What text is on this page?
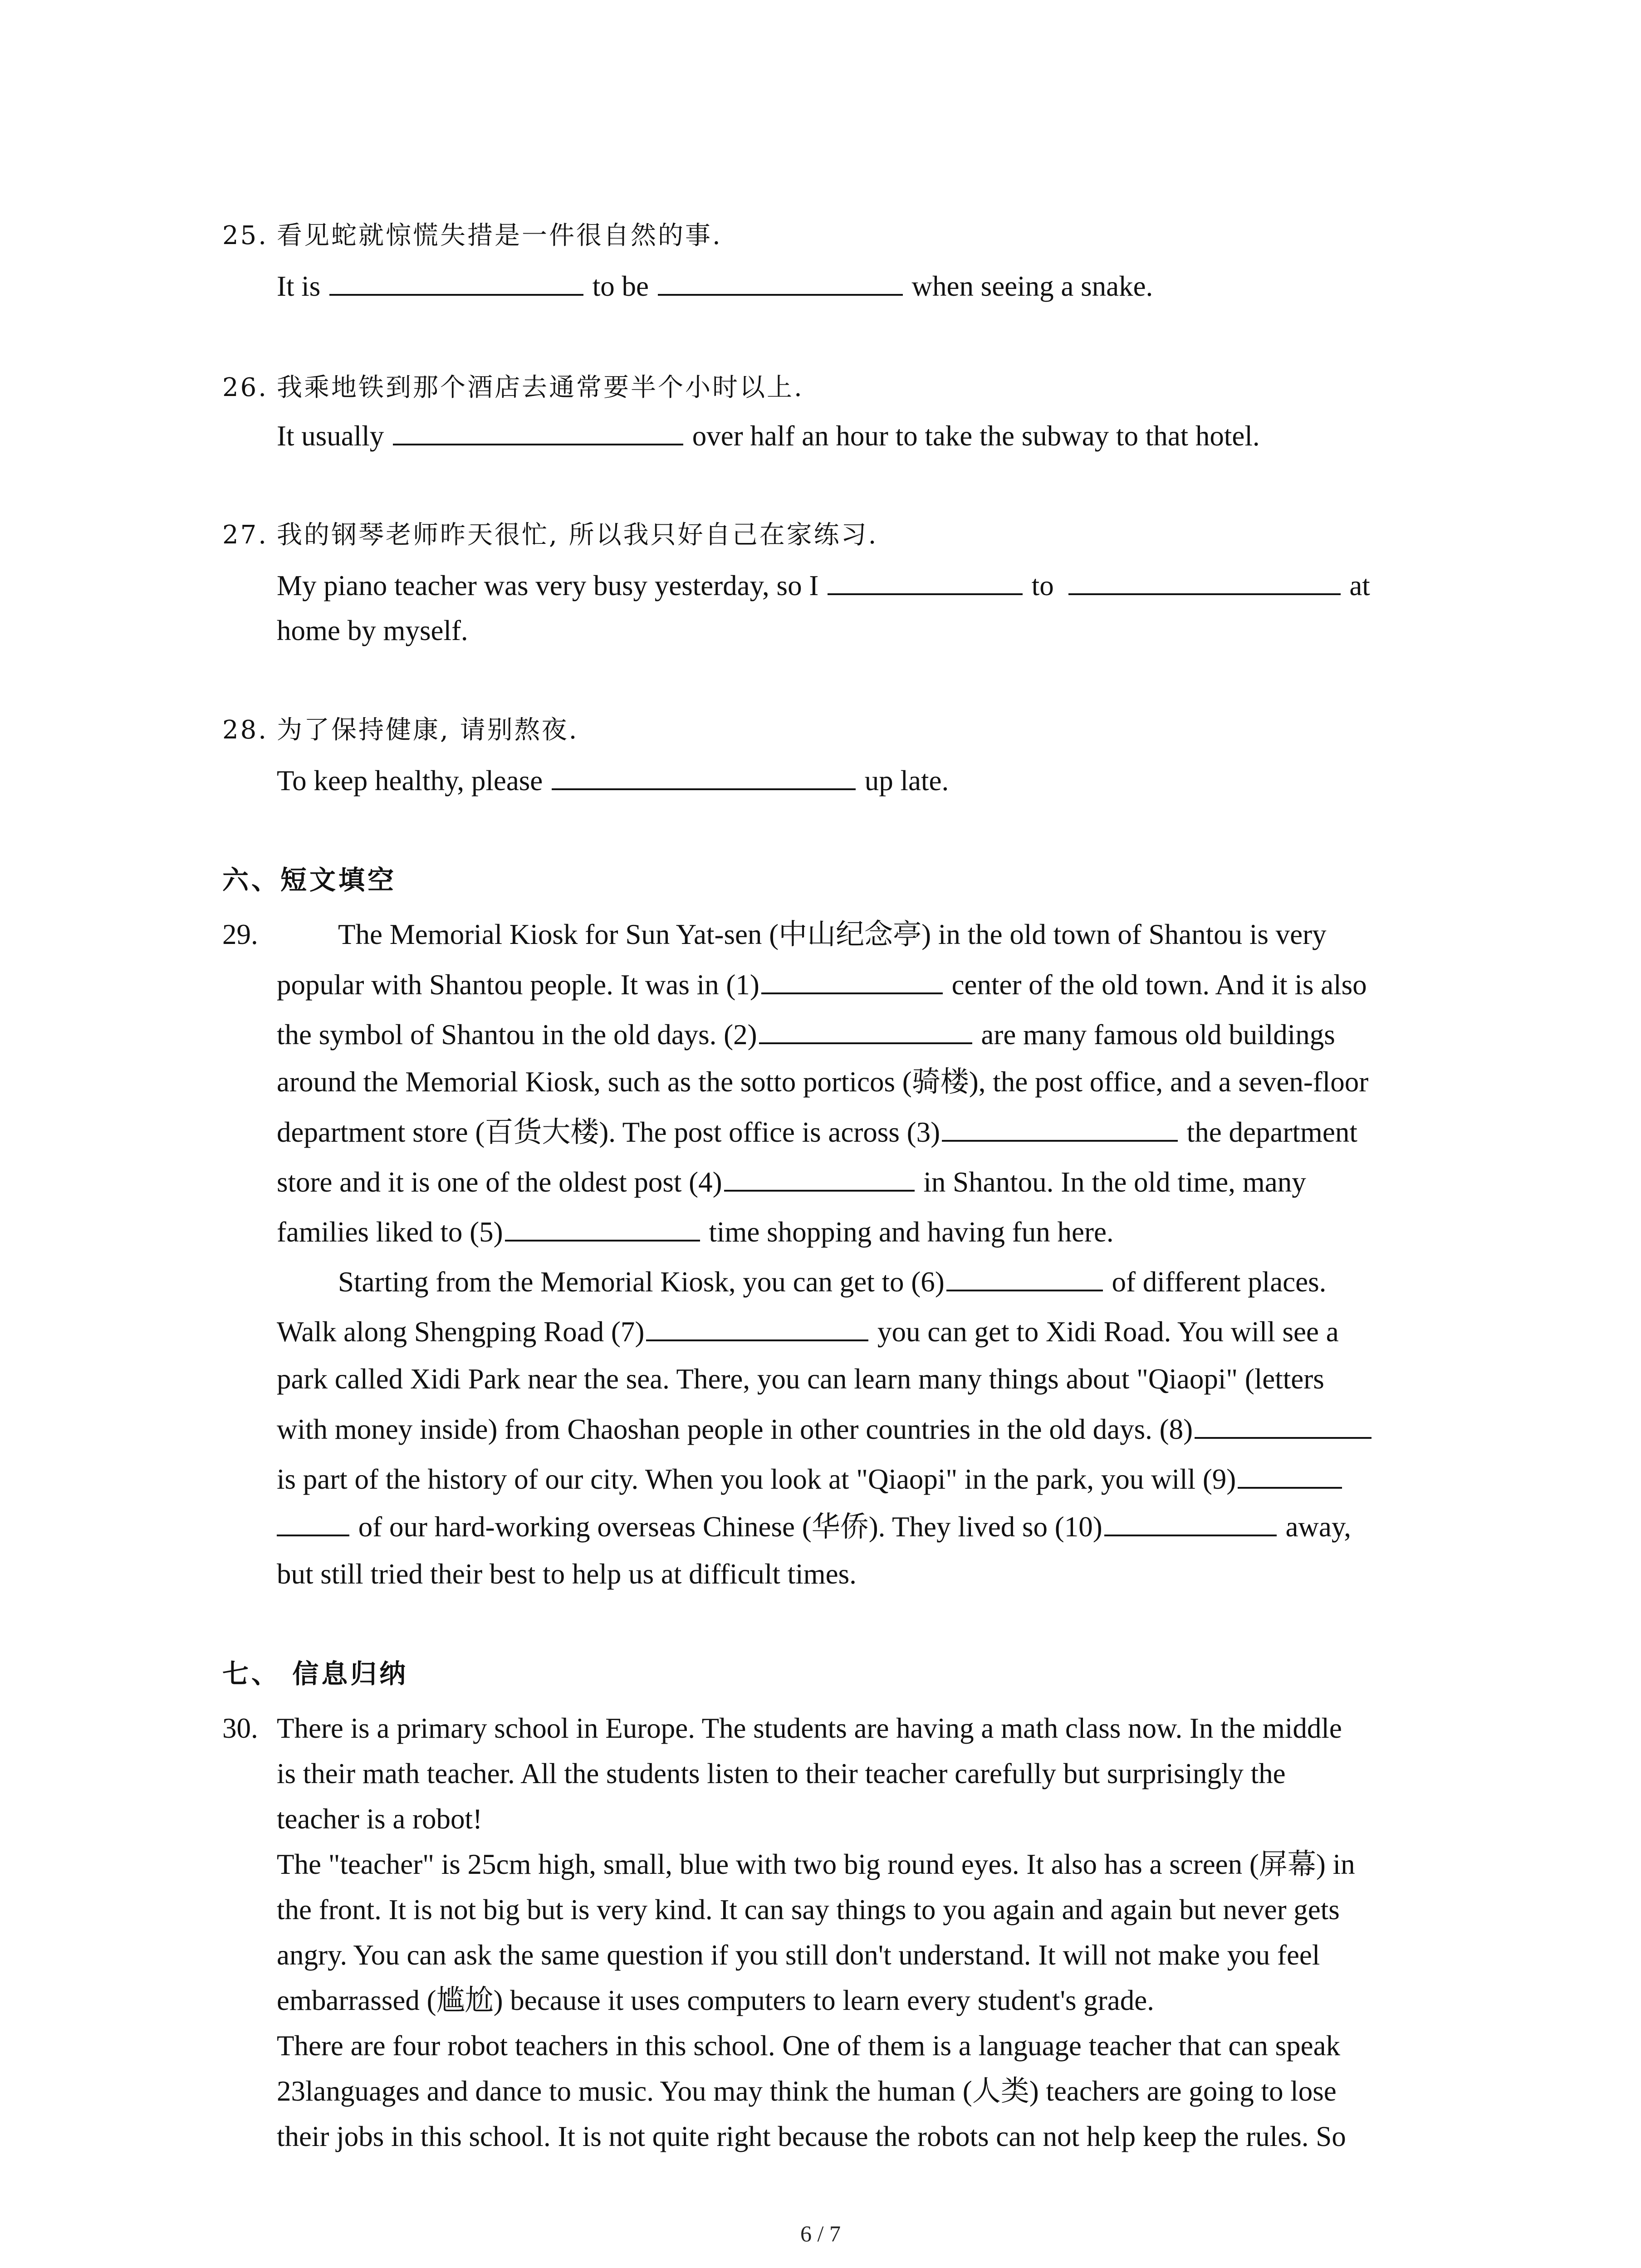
25. 看见蛇就惊慌失措是一件很自然的事.
It is	to be	when seeing a snake.
26. 我乘地铁到那个酒店去通常要半个小时以上.
It usually	over half an hour to take the subway to that hotel.
27. 我的钢琴老师昨天很忙, 所以我只好自己在家练习.
My piano teacher was very busy yesterday, so I	to	at
home by myself.
28. 为了保持健康, 请别熬夜.
To keep healthy, please	up late.
六、短文填空
29.	The Memorial Kiosk for Sun Yat-sen (中山纪念亭) in the old town of Shantou is very
popular with Shantou people. It was in (1)	center of the old town. And it is also
the symbol of Shantou in the old days. (2)	are many famous old buildings
around the Memorial Kiosk, such as the sotto porticos (骑楼), the post office, and a seven-floor
department store (百货大楼). The post office is across (3)	the department
store and it is one of the oldest post (4)	in Shantou. In the old time, many
families liked to (5)	time shopping and having fun here.
Starting from the Memorial Kiosk, you can get to (6)	of different places.
Walk along Shengping Road (7)	you can get to Xidi Road. You will see a
park called Xidi Park near the sea. There, you can learn many things about "Qiaopi" (letters
with money inside) from Chaoshan people in other countries in the old days. (8)
is part of the history of our city. When you look at "Qiaopi" in the park, you will (9)
of our hard-working overseas Chinese (华侨). They lived so (10)	away,
but still tried their best to help us at difficult times.
七、 信息归纳
30. There is a primary school in Europe. The students are having a math class now. In the middle
is their math teacher. All the students listen to their teacher carefully but surprisingly the
teacher is a robot!
The "teacher" is 25cm high, small, blue with two big round eyes. It also has a screen (屏幕) in
the front. It is not big but is very kind. It can say things to you again and again but never gets
angry. You can ask the same question if you still don't understand. It will not make you feel
embarrassed (尴尬) because it uses computers to learn every student's grade.
There are four robot teachers in this school. One of them is a language teacher that can speak
23languages and dance to music. You may think the human (人类) teachers are going to lose
their jobs in this school. It is not quite right because the robots can not help keep the rules. So
6 / 7
